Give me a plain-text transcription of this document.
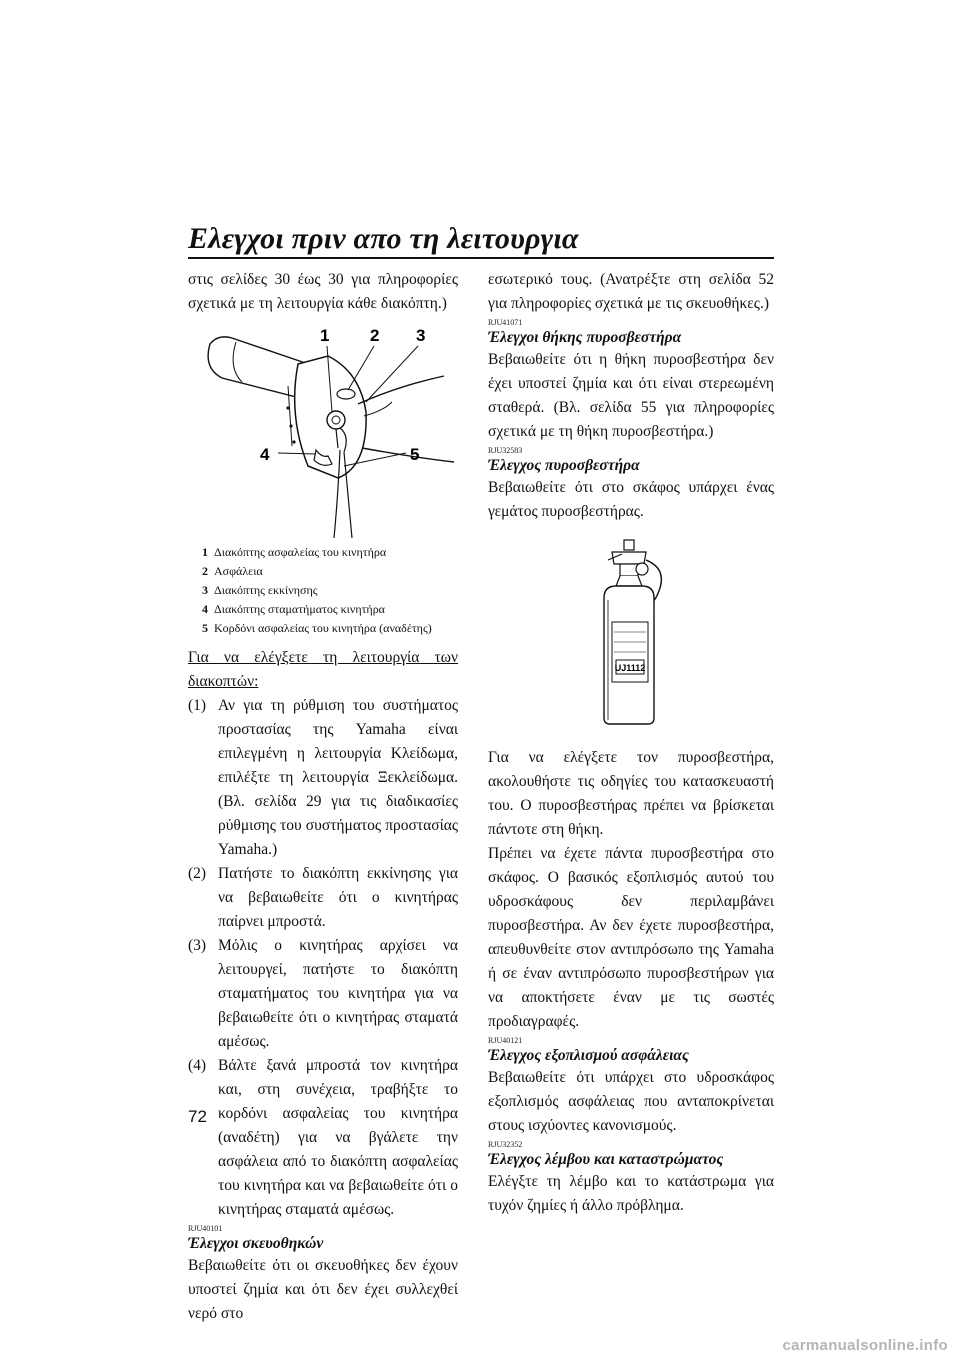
Ελεγχοι πριν απο τη λειτουργια

στις σελίδες 30 έως 30 για πληροφορίες σχετικά με τη λειτουργία κάθε διακόπτη.)

1 2 3
4	5
1 Διακόπτης ασφαλείας του κινητήρα
2 Ασφάλεια
3 Διακόπτης εκκίνησης
4 Διακόπτης σταματήματος κινητήρα
5 Κορδόνι ασφαλείας του κινητήρα (αναδέτης)

Για να ελέγξετε τη λειτουργία των διακοπτών:

(1) Αν για τη ρύθμιση του συστήματος προστασίας της Yamaha είναι επιλεγμένη η λειτουργία Κλείδωμα, επιλέξτε τη λειτουργία Ξεκλείδωμα. (Βλ. σελίδα 29 για τις διαδικασίες ρύθμισης του συστήματος προστασίας Yamaha.)
(2) Πατήστε το διακόπτη εκκίνησης για να βεβαιωθείτε ότι ο κινητήρας παίρνει μπροστά.
(3) Μόλις ο κινητήρας αρχίσει να λειτουργεί, πατήστε το διακόπτη σταματήματος του κινητήρα για να βεβαιωθείτε ότι ο κινητήρας σταματά αμέσως.
(4) Βάλτε ξανά μπροστά τον κινητήρα και, στη συνέχεια, τραβήξτε το κορδόνι ασφαλείας του κινητήρα (αναδέτη) για να βγάλετε την ασφάλεια από το διακόπτη ασφαλείας του κινητήρα και να βεβαιωθείτε ότι ο κινητήρας σταματά αμέσως.
RJU40101
Έλεγχοι σκευοθηκών

Βεβαιωθείτε ότι οι σκευοθήκες δεν έχουν υποστεί ζημία και ότι δεν έχει συλλεχθεί νερό στο

εσωτερικό τους. (Ανατρέξτε στη σελίδα 52 για πληροφορίες σχετικά με τις σκευοθήκες.)

RJU41071
Έλεγχοι θήκης πυροσβεστήρα

Βεβαιωθείτε ότι η θήκη πυροσβεστήρα δεν έχει υποστεί ζημία και ότι είναι στερεωμένη σταθερά. (Βλ. σελίδα 55 για πληροφορίες σχετικά με τη θήκη πυροσβεστήρα.)

RJU32583
Έλεγχος πυροσβεστήρα

Βεβαιωθείτε ότι στο σκάφος υπάρχει ένας γεμάτος πυροσβεστήρας.

UJ1112

Για να ελέγξετε τον πυροσβεστήρα, ακολουθήστε τις οδηγίες του κατασκευαστή του. Ο πυροσβεστήρας πρέπει να βρίσκεται πάντοτε στη θήκη.

Πρέπει να έχετε πάντα πυροσβεστήρα στο σκάφος. Ο βασικός εξοπλισμός αυτού του υδροσκάφους δεν περιλαμβάνει πυροσβεστήρα. Αν δεν έχετε πυροσβεστήρα, απευθυνθείτε στον αντιπρόσωπο της Yamaha ή σε έναν αντιπρόσωπο πυροσβεστήρων για να αποκτήσετε έναν με τις σωστές προδιαγραφές.

RJU40121
Έλεγχος εξοπλισμού ασφάλειας

Βεβαιωθείτε ότι υπάρχει στο υδροσκάφος εξοπλισμός ασφάλειας που ανταποκρίνεται στους ισχύοντες κανονισμούς.

RJU32352
Έλεγχος λέμβου και καταστρώματος

Ελέγξτε τη λέμβο και το κατάστρωμα για τυχόν ζημίες ή άλλο πρόβλημα.

72
carmanualsonline.info
